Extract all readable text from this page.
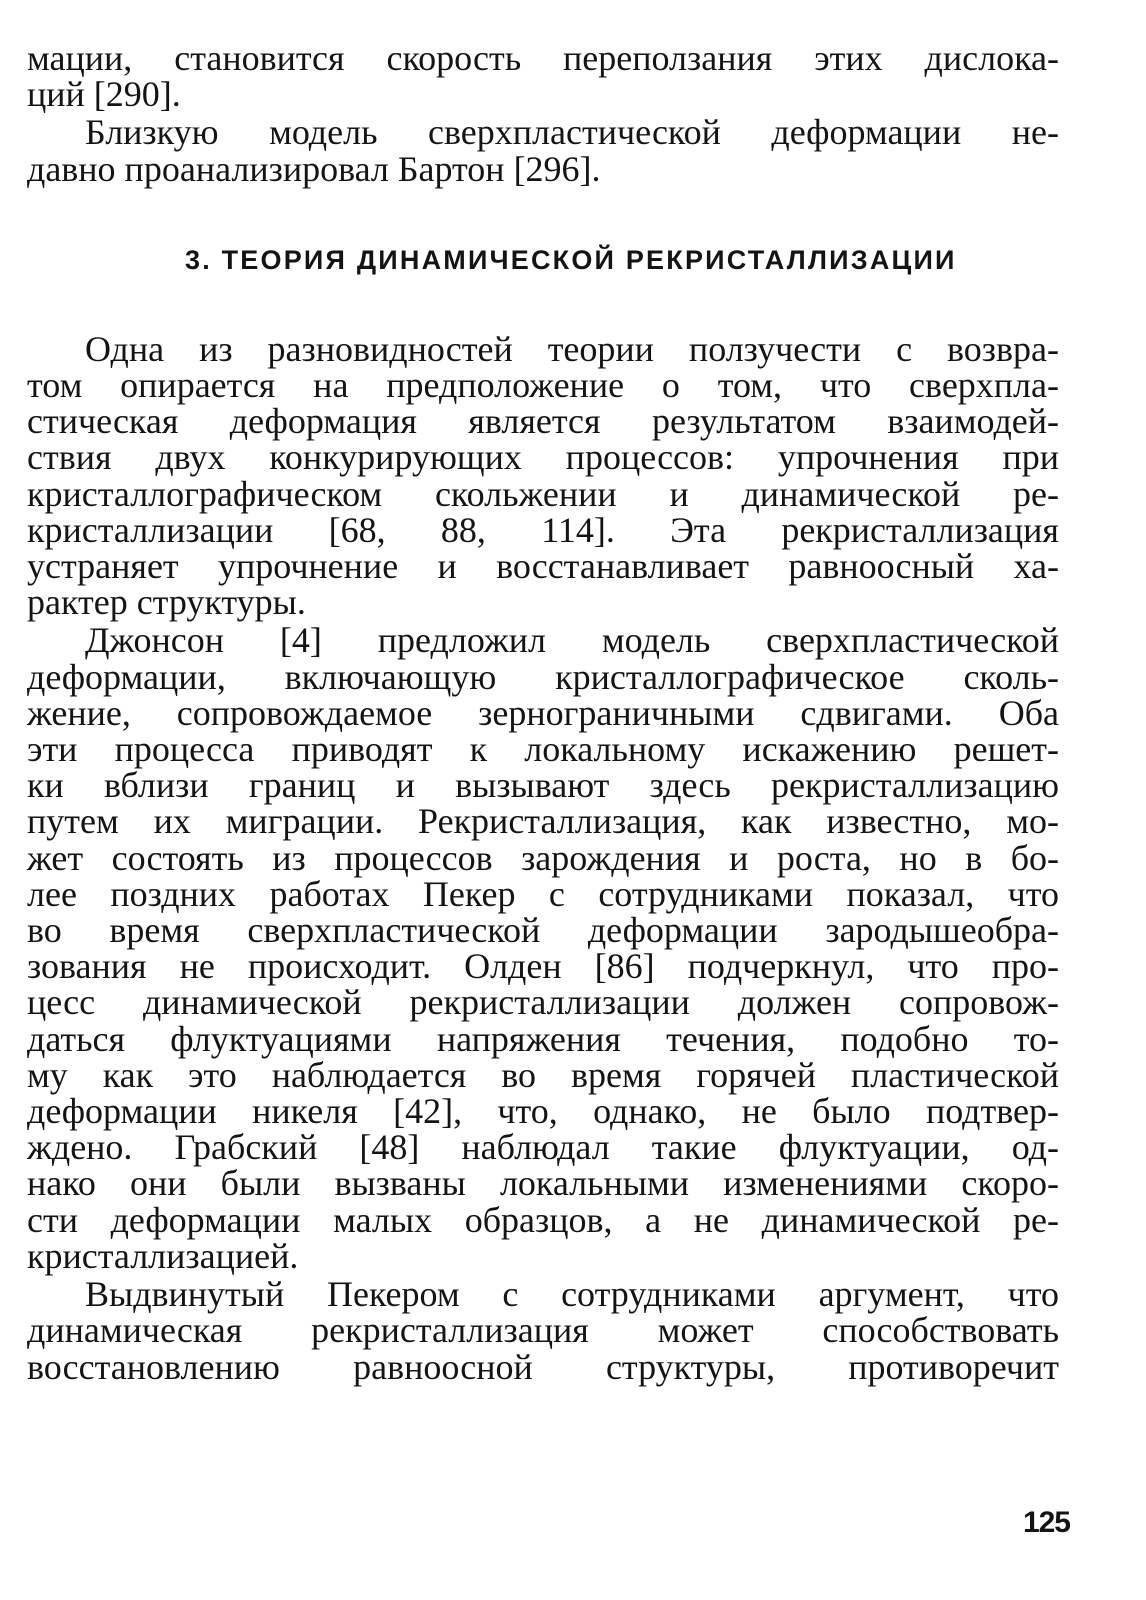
мации, становится скорость переползания этих дислока-
ций [290].

Близкую модель сверхпластической деформации не-
давно проанализировал Бартон [296].

3. ТЕОРИЯ ДИНАМИЧЕСКОЙ РЕКРИСТАЛЛИЗАЦИИ

Одна из разновидностей теории ползучести с возвра-
том опирается на предположение о том, что сверхпла-
стическая деформация является результатом взаимодей-
ствия двух конкурирующих процессов: упрочнения при
кристаллографическом скольжении и динамической ре-
кристаллизации [68, 88, 114]. Эта рекристаллизация
устраняет упрочнение и восстанавливает равноосный ха-
рактер структуры.

Джонсон [4] предложил модель сверхпластической
деформации, включающую кристаллографическое сколь-
жение, сопровождаемое зернограничными сдвигами. Оба
эти процесса приводят к локальному искажению решет-
ки вблизи границ и вызывают здесь рекристаллизацию
путем их миграции. Рекристаллизация, как известно, мо-
жет состоять из процессов зарождения и роста, но в бо-
лее поздних работах Пекер с сотрудниками показал, что
во время сверхпластической деформации зародышеобра-
зования не происходит. Олден [86] подчеркнул, что про-
цесс динамической рекристаллизации должен сопровож-
даться флуктуациями напряжения течения, подобно то-
му как это наблюдается во время горячей пластической
деформации никеля [42], что, однако, не было подтвер-
ждено. Грабский [48] наблюдал такие флуктуации, од-
нако они были вызваны локальными изменениями скоро-
сти деформации малых образцов, а не динамической ре-
кристаллизацией.

Выдвинутый Пекером с сотрудниками аргумент, что
динамическая рекристаллизация может способствовать
восстановлению равноосной структуры, противоречит

125
